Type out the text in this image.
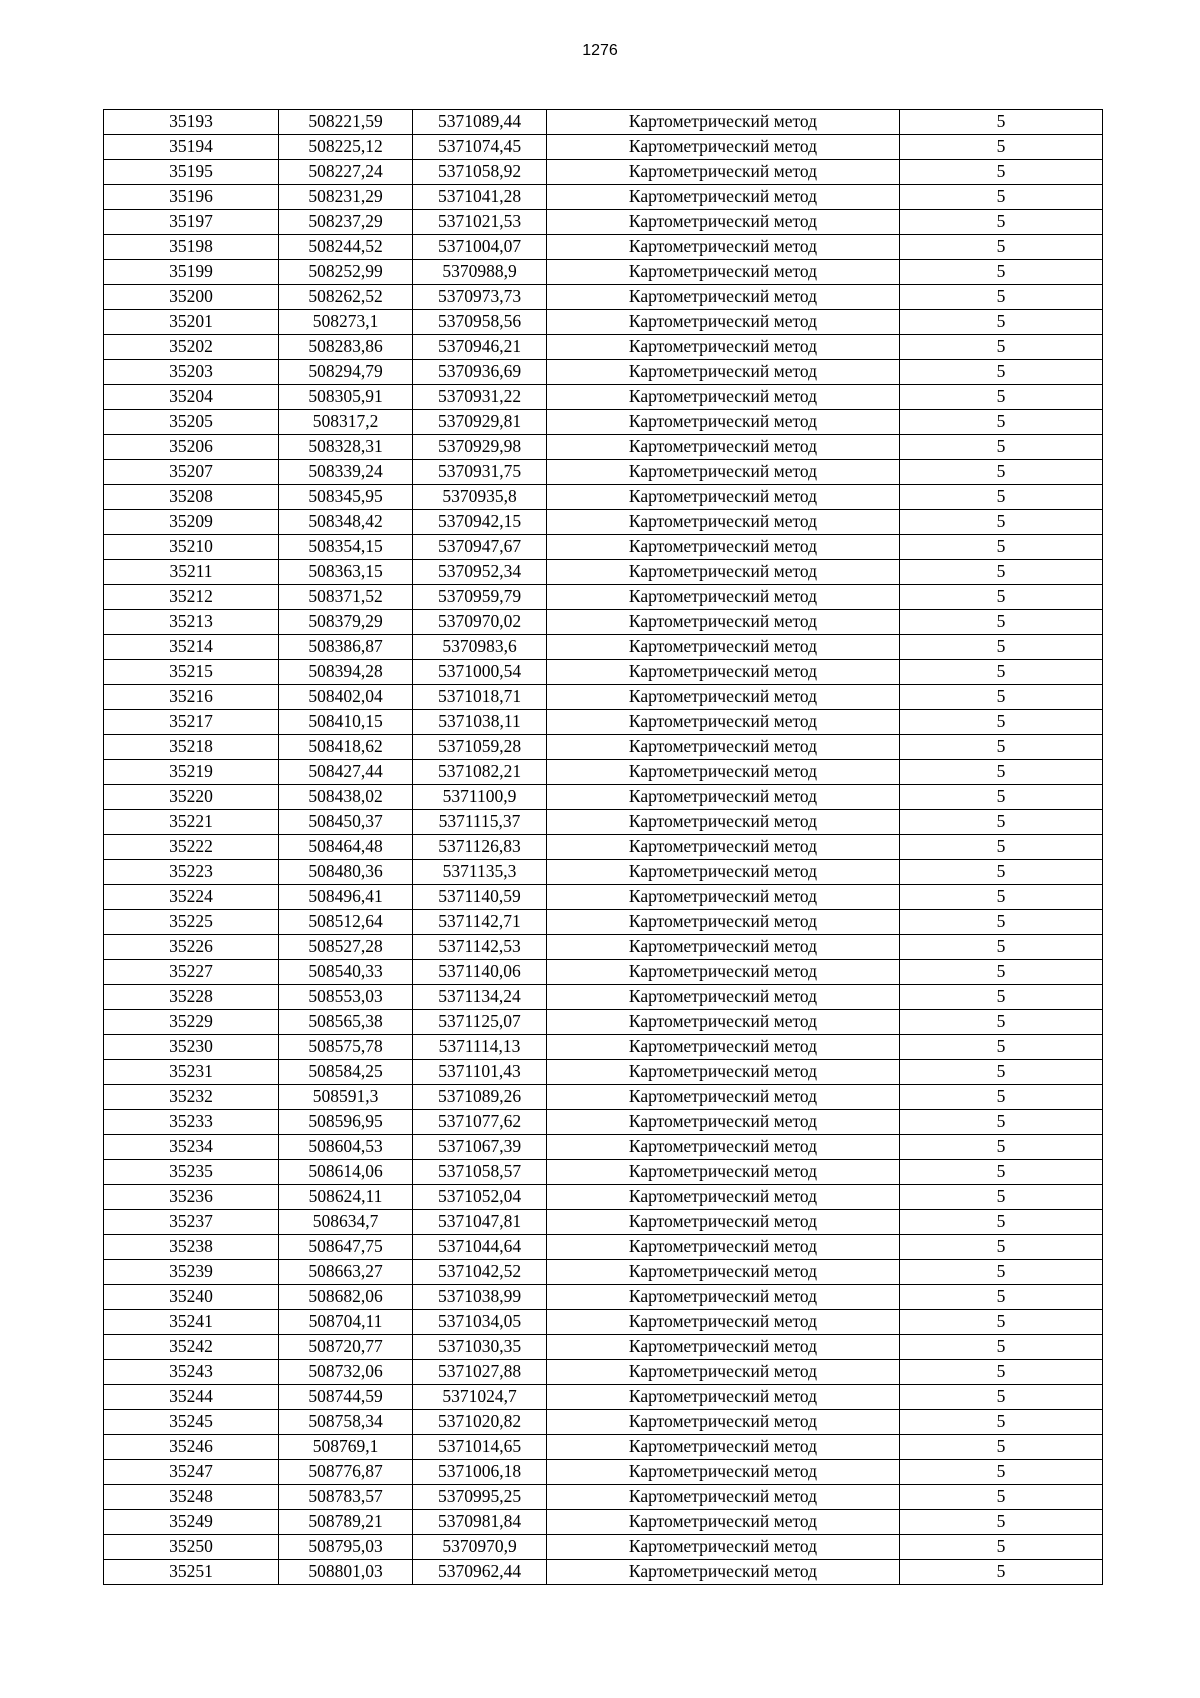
1276
35193	508221,59	5371089,44	Картометрический метод	5
35194	508225,12	5371074,45	Картометрический метод	5
35195	508227,24	5371058,92	Картометрический метод	5
35196	508231,29	5371041,28	Картометрический метод	5
35197	508237,29	5371021,53	Картометрический метод	5
35198	508244,52	5371004,07	Картометрический метод	5
35199	508252,99	5370988,9	Картометрический метод	5
35200	508262,52	5370973,73	Картометрический метод	5
35201	508273,1	5370958,56	Картометрический метод	5
35202	508283,86	5370946,21	Картометрический метод	5
35203	508294,79	5370936,69	Картометрический метод	5
35204	508305,91	5370931,22	Картометрический метод	5
35205	508317,2	5370929,81	Картометрический метод	5
35206	508328,31	5370929,98	Картометрический метод	5
35207	508339,24	5370931,75	Картометрический метод	5
35208	508345,95	5370935,8	Картометрический метод	5
35209	508348,42	5370942,15	Картометрический метод	5
35210	508354,15	5370947,67	Картометрический метод	5
35211	508363,15	5370952,34	Картометрический метод	5
35212	508371,52	5370959,79	Картометрический метод	5
35213	508379,29	5370970,02	Картометрический метод	5
35214	508386,87	5370983,6	Картометрический метод	5
35215	508394,28	5371000,54	Картометрический метод	5
35216	508402,04	5371018,71	Картометрический метод	5
35217	508410,15	5371038,11	Картометрический метод	5
35218	508418,62	5371059,28	Картометрический метод	5
35219	508427,44	5371082,21	Картометрический метод	5
35220	508438,02	5371100,9	Картометрический метод	5
35221	508450,37	5371115,37	Картометрический метод	5
35222	508464,48	5371126,83	Картометрический метод	5
35223	508480,36	5371135,3	Картометрический метод	5
35224	508496,41	5371140,59	Картометрический метод	5
35225	508512,64	5371142,71	Картометрический метод	5
35226	508527,28	5371142,53	Картометрический метод	5
35227	508540,33	5371140,06	Картометрический метод	5
35228	508553,03	5371134,24	Картометрический метод	5
35229	508565,38	5371125,07	Картометрический метод	5
35230	508575,78	5371114,13	Картометрический метод	5
35231	508584,25	5371101,43	Картометрический метод	5
35232	508591,3	5371089,26	Картометрический метод	5
35233	508596,95	5371077,62	Картометрический метод	5
35234	508604,53	5371067,39	Картометрический метод	5
35235	508614,06	5371058,57	Картометрический метод	5
35236	508624,11	5371052,04	Картометрический метод	5
35237	508634,7	5371047,81	Картометрический метод	5
35238	508647,75	5371044,64	Картометрический метод	5
35239	508663,27	5371042,52	Картометрический метод	5
35240	508682,06	5371038,99	Картометрический метод	5
35241	508704,11	5371034,05	Картометрический метод	5
35242	508720,77	5371030,35	Картометрический метод	5
35243	508732,06	5371027,88	Картометрический метод	5
35244	508744,59	5371024,7	Картометрический метод	5
35245	508758,34	5371020,82	Картометрический метод	5
35246	508769,1	5371014,65	Картометрический метод	5
35247	508776,87	5371006,18	Картометрический метод	5
35248	508783,57	5370995,25	Картометрический метод	5
35249	508789,21	5370981,84	Картометрический метод	5
35250	508795,03	5370970,9	Картометрический метод	5
35251	508801,03	5370962,44	Картометрический метод	5
